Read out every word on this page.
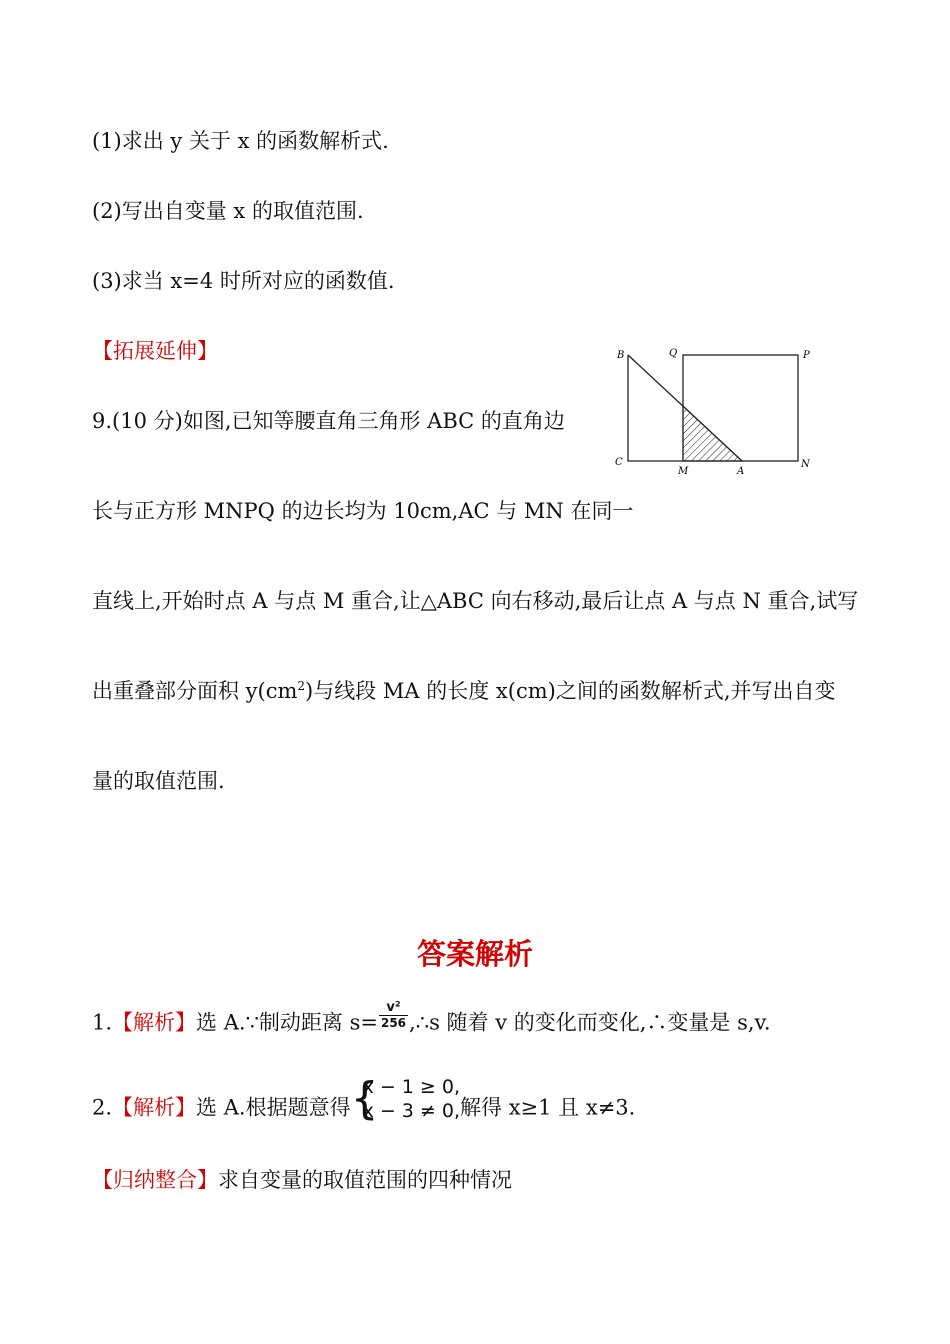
(1)求出 y 关于 x 的函数解析式.
(2)写出自变量 x 的取值范围.
(3)求当 x=4 时所对应的函数值.
【拓展延伸】
9.(10 分)如图,已知等腰直角三角形 ABC 的直角边
长与正方形 MNPQ 的边长均为 10cm,AC 与 MN 在同一
直线上,开始时点 A 与点 M 重合,让△ABC 向右移动,最后让点 A 与点 N 重合,试写
出重叠部分面积 $y(cm^2)$与线段 MA 的长度 x(cm)之间的函数解析式,并写出自变
量的取值范围.
B	Q	P
C
M	A
N
答案解析
1.【解析】选 A.∵制动距离 $s= \frac{\text{v²}}{256}$ ,∴s 随着 v 的变化而变化,∴变量是 s,v.
2.【解析】选 A.根据题意得 {
x − 1 ≥ 0,
x − 3 ≠ 0, 解得 x≥1 且 x≠3.
【归纳整合】求自变量的取值范围的四种情况
